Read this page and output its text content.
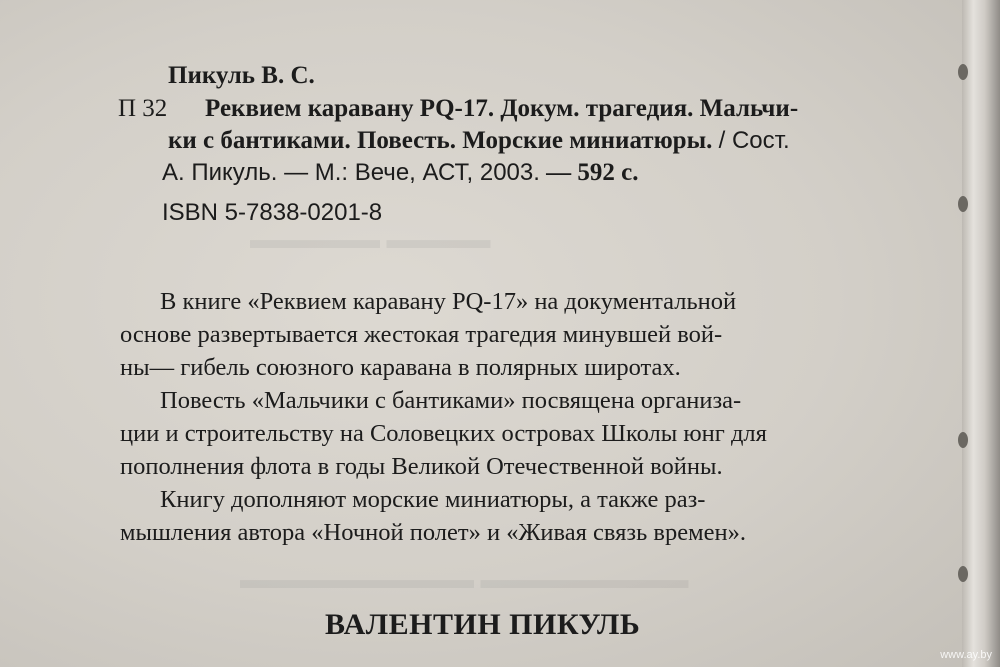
▬▬▬▬▬ ▬▬▬▬
▬▬▬▬▬▬▬▬▬ ▬▬▬▬▬▬▬▬
Пикуль В. С.
П 32 Реквием каравану PQ-17. Докум. трагедия. Мальчи-
ки с бантиками. Повесть. Морские миниатюры. / Сост.
А. Пикуль. — М.: Вече, АСТ, 2003. — 592 с.
ISBN 5-7838-0201-8
В книге «Реквием каравану PQ-17» на документальной
основе развертывается жестокая трагедия минувшей вой-
ны— гибель союзного каравана в полярных широтах.
Повесть «Мальчики с бантиками» посвящена организа-
ции и строительству на Соловецких островах Школы юнг для
пополнения флота в годы Великой Отечественной войны.
Книгу дополняют морские миниатюры, а также раз-
мышления автора «Ночной полет» и «Живая связь времен».
ВАЛЕНТИН ПИКУЛЬ
www.ay.by
